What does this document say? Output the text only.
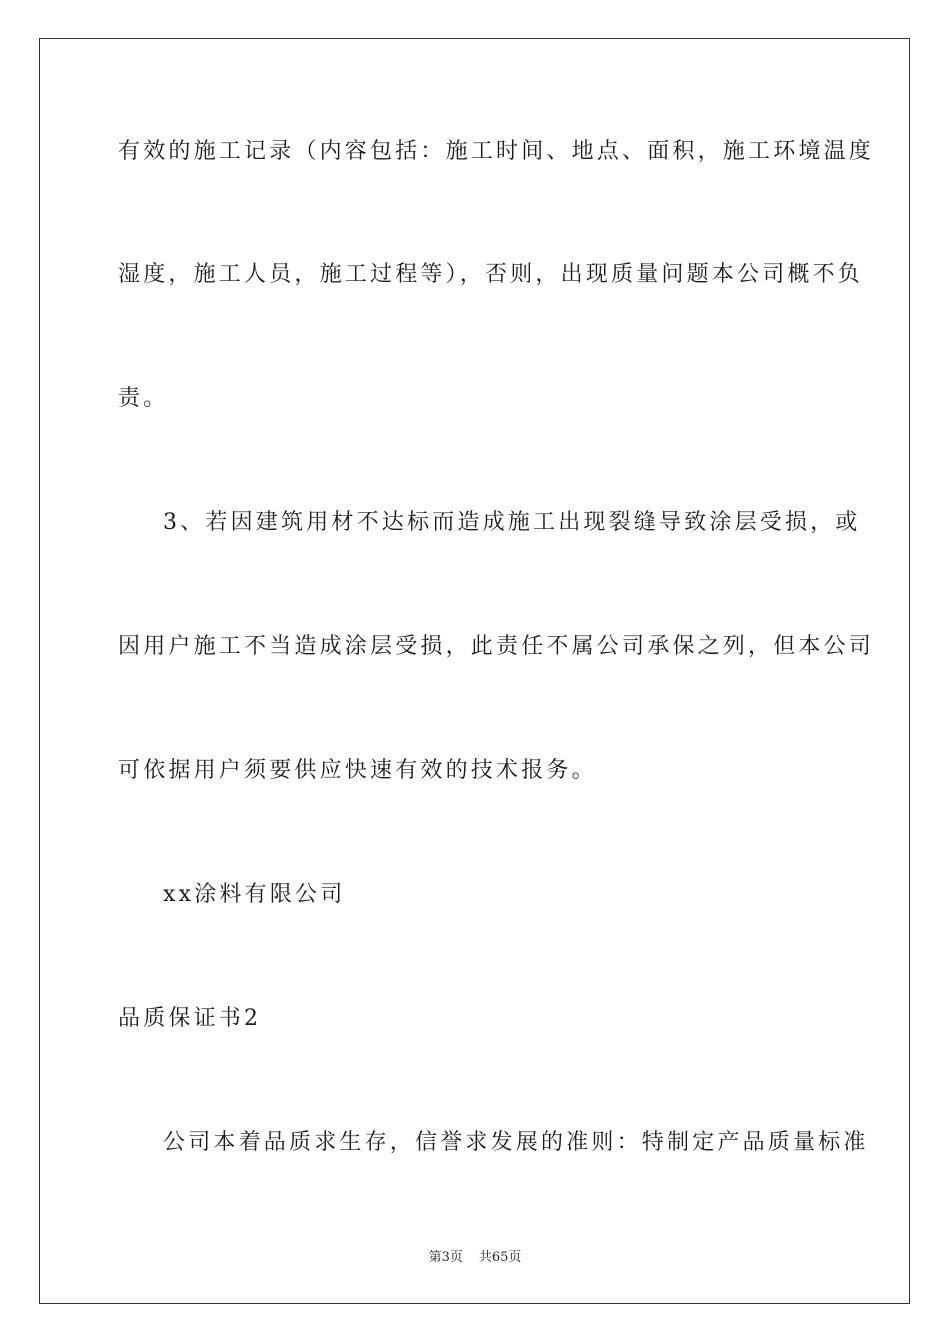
有效的施工记录（内容包括：施工时间、地点、面积，施工环境温度
湿度，施工人员，施工过程等），否则，出现质量问题本公司概不负
责。
3、若因建筑用材不达标而造成施工出现裂缝导致涂层受损，或
因用户施工不当造成涂层受损，此责任不属公司承保之列，但本公司
可依据用户须要供应快速有效的技术报务。
xx涂料有限公司
品质保证书2
公司本着品质求生存，信誉求发展的准则：特制定产品质量标准
第3页 共65页
